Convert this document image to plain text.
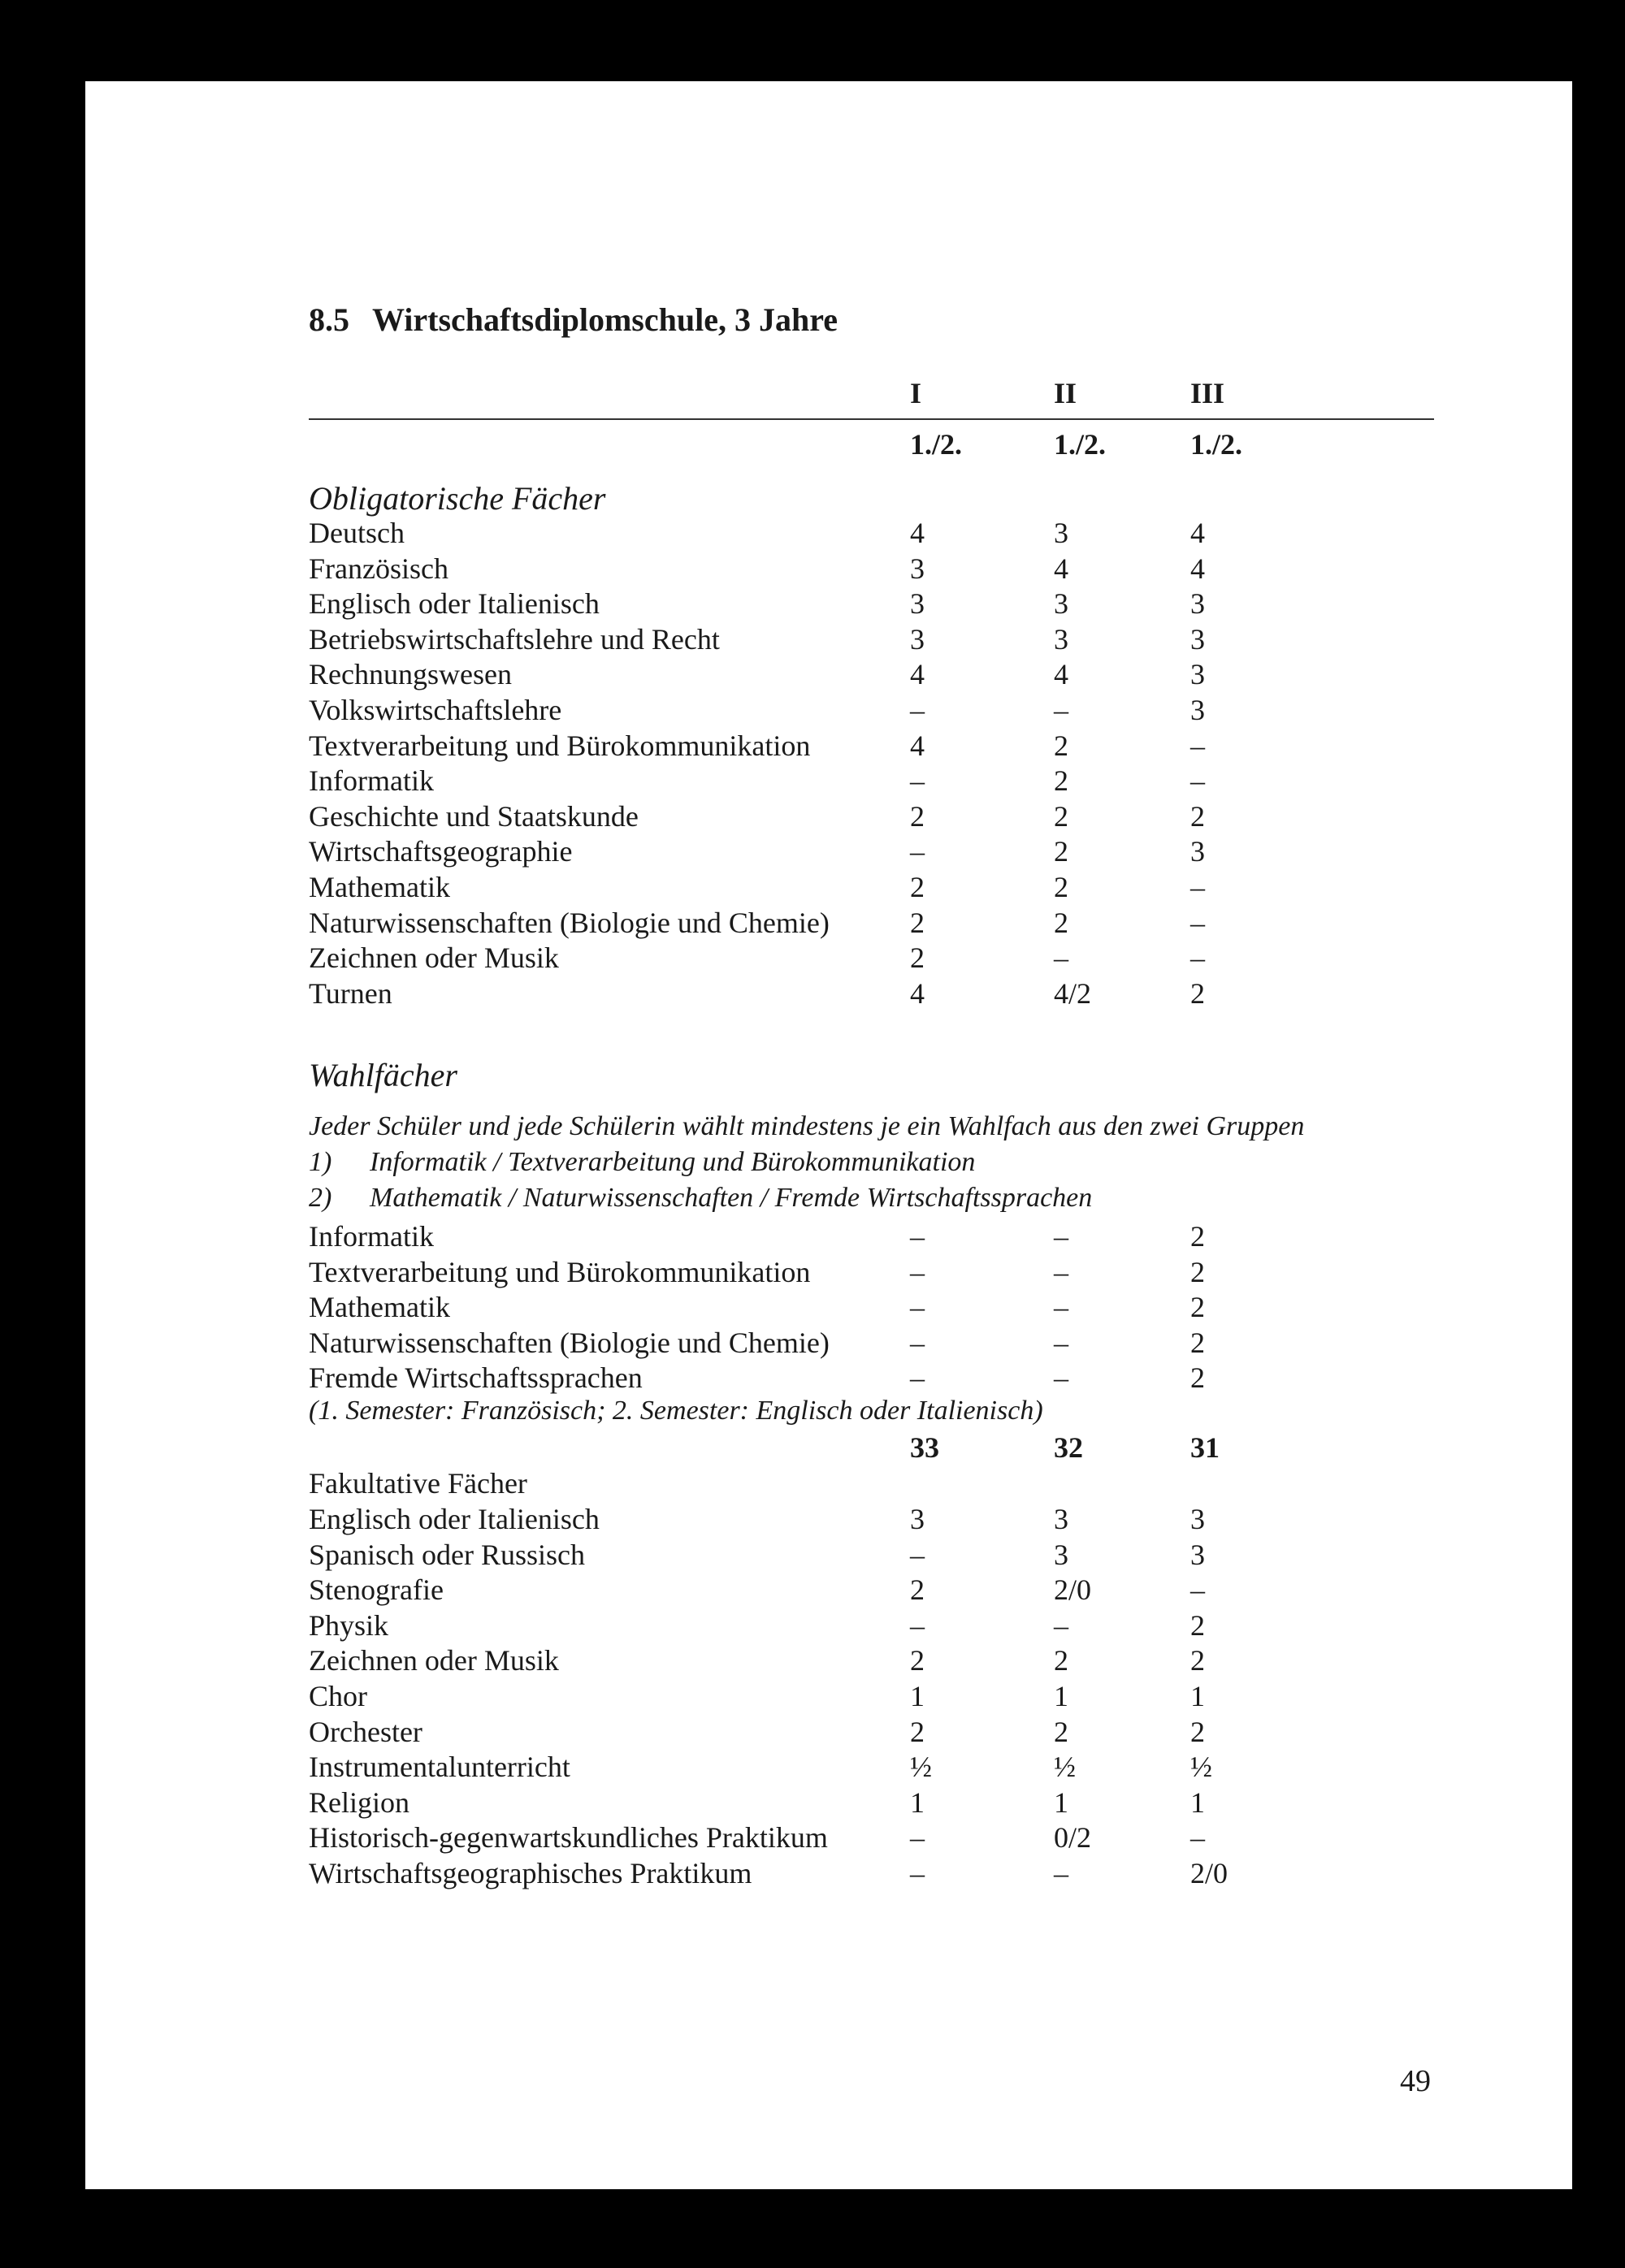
8.5 Wirtschaftsdiplomschule, 3 Jahre
I	II	III
1./2.	1./2.	1./2.
Obligatorische Fächer
Deutsch	4	3	4
Französisch	3	4	4
Englisch oder Italienisch	3	3	3
Betriebswirtschaftslehre und Recht	3	3	3
Rechnungswesen	4	4	3
Volkswirtschaftslehre	–	–	3
Textverarbeitung und Bürokommunikation	4	2	–
Informatik	–	2	–
Geschichte und Staatskunde	2	2	2
Wirtschaftsgeographie	–	2	3
Mathematik	2	2	–
Naturwissenschaften (Biologie und Chemie)	2	2	–
Zeichnen oder Musik	2	–	–
Turnen	4	4/2	2
Wahlfächer
Jeder Schüler und jede Schülerin wählt mindestens je ein Wahlfach aus den zwei Gruppen
1) Informatik / Textverarbeitung und Bürokommunikation
2) Mathematik / Naturwissenschaften / Fremde Wirtschaftssprachen
Informatik	–	–	2
Textverarbeitung und Bürokommunikation	–	–	2
Mathematik	–	–	2
Naturwissenschaften (Biologie und Chemie)	–	–	2
Fremde Wirtschaftssprachen	–	–	2
(1. Semester: Französisch; 2. Semester: Englisch oder Italienisch)
33	32	31
Fakultative Fächer
Englisch oder Italienisch	3	3	3
Spanisch oder Russisch	–	3	3
Stenografie	2	2/0	–
Physik	–	–	2
Zeichnen oder Musik	2	2	2
Chor	1	1	1
Orchester	2	2	2
Instrumentalunterricht	½	½	½
Religion	1	1	1
Historisch-gegenwartskundliches Praktikum	–	0/2	–
Wirtschaftsgeographisches Praktikum	–	–	2/0
49
